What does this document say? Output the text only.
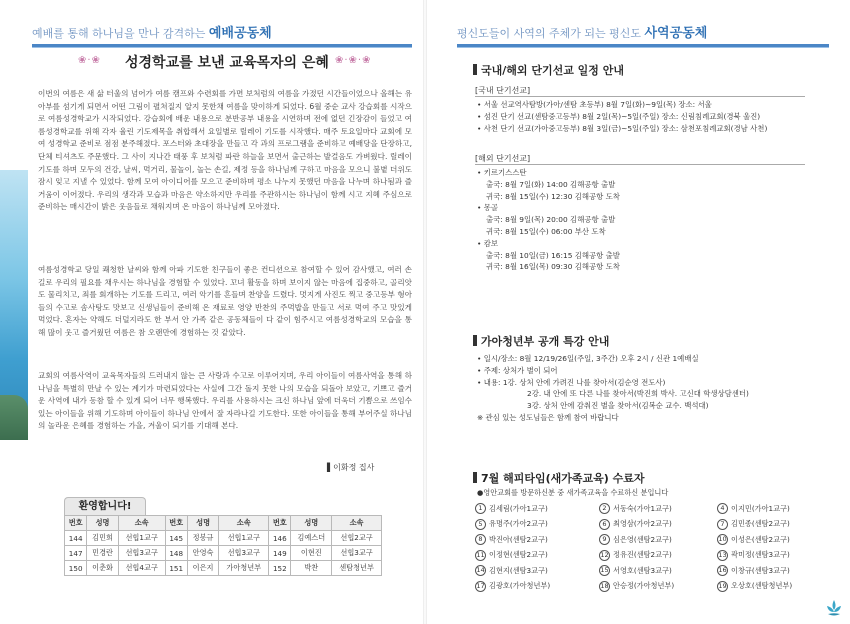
예배를 통해 하나님을 만나 감격하는 예배공동체
❀·❀ 성경학교를 보낸 교육목자의 은혜 ❀·❀·❀

이번의 여름은 새 삶 터울의 넘어가 여름 캠프와 수련회를 가면 보처럼의 여름을 가졌던 시간들이었으나 올해는 유아부를 섬기게 되면서 어떤 그림이 펼쳐질지 알지 못한채 여름을 맞이하게 되었다. 6월 중순 교사 강습회를 시작으로 여름성경학교가 시작되었다. 강습회에 배운 내용으로 분반공부 내용을 시연하며 전에 없던 긴장감이 들었고 여름성경학교를 위해 각자 율린 기도제목을 취합해서 요일별로 릴레이 기도를 시작했다. 매주 토요일마다 교회에 모여 성경학교 준비로 점점 분주해졌다. 포스터와 초대장을 만들고 각 과의 프로그램을 준비하고 예배당을 단장하고, 단체 티셔츠도 주문했다. 그 사이 지나간 태풍 후 보처럼 파란 하늘을 보면서 출근하는 발걸음도 가벼웠다. 릴레이 기도를 하며 모두의 건강, 날씨, 먹거리, 물놀이, 놀는 손길, 제정 등을 하나님께 구하고 마음을 모으니 불볕 더위도 잠시 잊고 지낼 수 있었다. 함께 모여 아이디어를 모으고 준비하며 평소 나누지 못했던 마음을 나누며 하나됨과 즐거움이 이어졌다. 우리의 생각과 모습과 마음은 약소하지만 우리를 주관하시는 하나님이 함께 시고 지혜 주심으로 준비하는 매시간이 밝은 웃음들로 채워지며 온 마음이 하나님께 모아졌다.

여름성경학교 당일 쾌청한 날씨와 함께 아파 기도한 친구들이 좋은 컨디션으로 참여할 수 있어 감사했고, 여러 손길로 우리의 필요를 채우시는 하나님을 경험할 수 있었다. 꼬녀 활동을 하며 보이지 않는 마음에 집중하고, 골리앗도 물리치고, 죄를 회개하는 기도를 드리고, 여러 악기를 흔들며 찬양을 드렸다. 멋지게 사진도 찍고 중고등부 형아들의 수고로 솜사탕도 맛보고 신생님들이 준비해 온 재료로 영양 반찬의 주먹밥을 만들고 서로 먹여 주고 맛있게 먹었다. 혼자는 약해도 더덜지라도 한 부서 안 가족 같은 공동체들이 다 같이 힘주시고 여름성경학교의 모습을 통해 많이 웃고 즐거웠던 여름은 참 오랜만에 경험하는 것 같았다.

교회의 여름사역이 교육목자들의 드러내지 않는 큰 사랑과 수고로 이루어지며, 우리 아이들이 여름사역을 통해 하나님을 특별히 만날 수 있는 계기가 마련되었다는 사실에 그간 돌지 못한 나의 모습을 되돌아 보았고, 기쁘고 즐거운 사역에 내가 동참 할 수 있게 되어 너무 행복했다. 우리를 사용하시는 크신 하나님 앞에 더욱더 기쁨으로 쓰임수있는 아이들을 위해 기도하며 아이들이 하나님 안에서 잘 자라나길 기도한다. 또한 아이들을 통해 부어주실 하나님의 놀라운 은혜를 경험하는 가을, 겨울이 되기를 기대해 본다.

▌이화정 집사
환영합니다!
번호	성명	소속	번호	성명	소속	번호	성명	소속
144	김민희	선힙1교구	145	정봉규	선힙1교구	146	김예스더	선힙2교구
147	민경란	선힙3교구	148	안영숙	선힙3교구	149	이현진	선힙3교구
150	이춘화	선힙4교구	151	이은지	가아청년부	152	박찬	센탐청년부
평신도들이 사역의 주체가 되는 평신도 사역공동체
국내/해외 단기선교 일정 안내
[국내 단기선교]
• 서울 선교역사탐방(가아/센탐 초등부) 8월 7일(화)~9일(목) 장소: 서울
• 섬진 단기 선교(센탐중고등부) 8월 2일(목)~5일(주일) 장소: 신림침례교회(경북 울진)
• 사천 단기 선교(가아중고등부) 8월 3일(금)~5일(주일) 장소: 삼천포침례교회(경남 사천)
[해외 단기선교]
• 키르기스스탄
출국: 8월 7일(화) 14:00 김해공항 출발
귀국: 8월 15일(수) 12:30 김해공항 도착
• 몽골
출국: 8월 9일(목) 20:00 김해공항 출발
귀국: 8월 15일(수) 06:00 부산 도착
• 캄보
출국: 8월 10일(금) 16:15 김해공항 출발
귀국: 8월 16일(목) 09:30 김해공항 도착
가아청년부 공개 특강 안내
• 일시/장소: 8월 12/19/26일(주일, 3주간) 오후 2시 / 신관 1예배실
• 주제: 상처가 별이 되어
• 내용: 1강. 상처 안에 가려진 나를 찾아서(김순영 전도사)
2강. 내 안에 또 다른 나를 찾아서(박진희 박사. 고신대 학생상담센터)
3강. 상처 안에 감춰진 별을 찾아서(김복순 교수. 백석대)
※ 관심 있는 성도님들은 함께 참여 바랍니다
7월 해피타임(새가족교육) 수료자
●영안교회를 방문하신분 중 새가족교육을 수료하신 분입니다
1 김세림(가아1교구)	2 서동숙(가아1교구)	4 이지민(가아1교구)
5 유명주(가아2교구)	6 최영삼(가아2교구)	7 김민종(센탐2교구)
8 박진아(센탐2교구)	9 심은영(센탐2교구)	10 이성은(센탐2교구)
11 이정현(센탐2교구)	12 정유진(센탐2교구)	13 곽미정(센탐3교구)
14 김현지(센탐3교구)	15 서영호(센탐3교구)	16 이창규(센탐3교구)
17 김광호(가아청년부)	18 안승정(가아청년부)	19 오상호(센탐청년부)
